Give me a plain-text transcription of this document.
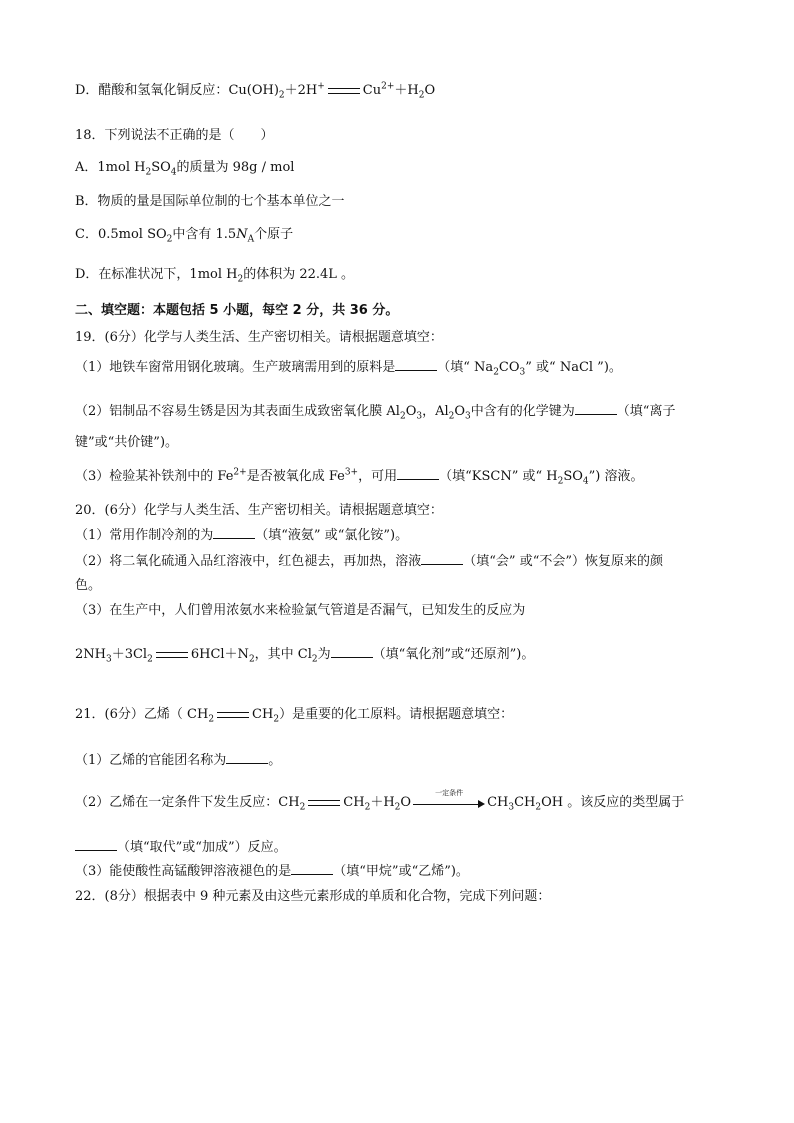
D．醋酸和氢氧化铜反应：$Cu(OH)_2+2H^+$	$Cu^{2+}+H_2O$
18．下列说法不正确的是（　　）
A．1mol $H_2SO_4$的质量为 98g / mol
B．物质的量是国际单位制的七个基本单位之一
C．0.5mol $SO_2$中含有 $1.5N_A$个原子
D．在标准状况下，1mol $H_2$的体积为 22.4L 。
二、填空题：本题包括 5 小题，每空 2 分，共 36 分。
19．(6分）化学与人类生活、生产密切相关。请根据题意填空：
（1）地铁车窗常用钢化玻璃。生产玻璃需用到的原料是	（填“ $Na_2CO_3$” 或“ NaCl ”)。
（2）铝制品不容易生锈是因为其表面生成致密氧化膜 $Al_2O_3$，$Al_2O_3$中含有的化学键为	（填“离子
键”或“共价键”)。
（3）检验某补铁剂中的 $Fe^{2+}$是否被氧化成 $Fe^{3+}$，可用	（填“KSCN” 或“ $H_2SO_4$”) 溶液。
20．(6分）化学与人类生活、生产密切相关。请根据题意填空：
（1）常用作制冷剂的为	（填“液氨” 或“氯化铵”)。
（2）将二氧化硫通入品红溶液中，红色褪去，再加热，溶液	（填“会” 或“不会”）恢复原来的颜
色。
（3）在生产中，人们曾用浓氨水来检验氯气管道是否漏气，已知发生的反应为
$2NH_3+3Cl_2$	$6HCl+N_2$，其中 $Cl_2$为	（填“氧化剂”或“还原剂”)。
21．(6分）乙烯（ $CH_2$	$CH_2$）是重要的化工原料。请根据题意填空：
（1）乙烯的官能团名称为	。
（2）乙烯在一定条件下发生反应：$CH_2$	$CH_2+H_2O$
一定条件
$CH_3CH_2OH$ 。该反应的类型属于
（填“取代”或“加成”）反应。
（3）能使酸性高锰酸钾溶液褪色的是	（填“甲烷”或“乙烯”)。
22．(8分）根据表中 9 种元素及由这些元素形成的单质和化合物，完成下列问题：
